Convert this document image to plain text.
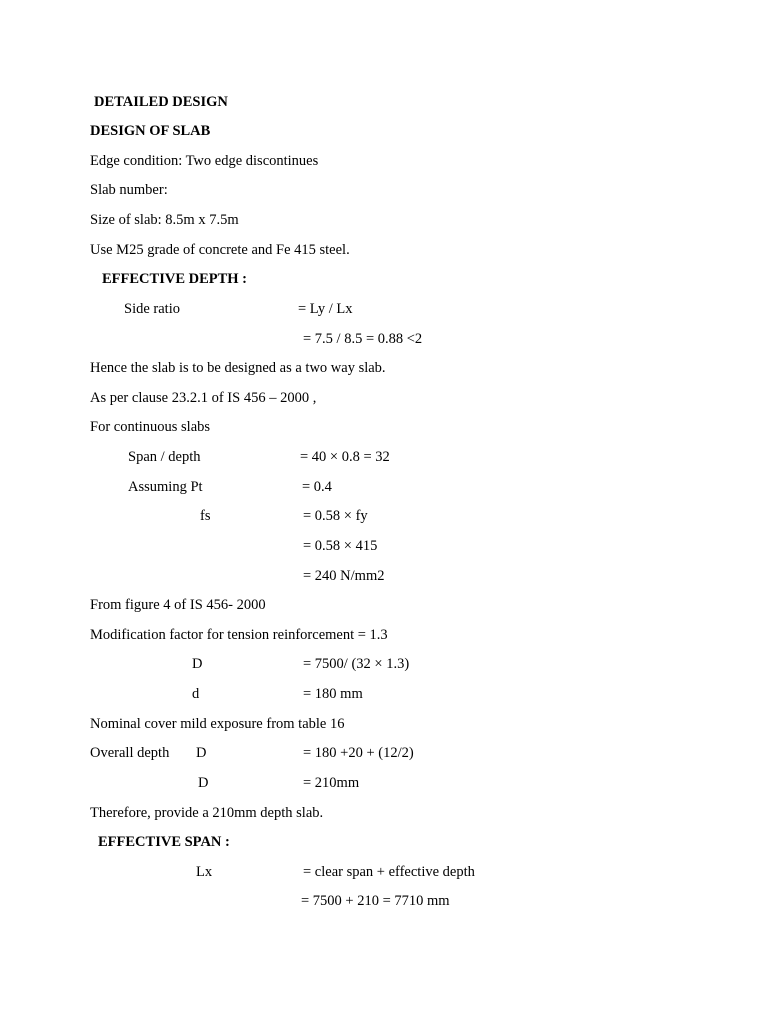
DETAILED DESIGN
DESIGN OF SLAB
Edge condition: Two edge discontinues
Slab number:
Size of slab: 8.5m x 7.5m
Use M25 grade of concrete and Fe 415 steel.
EFFECTIVE DEPTH :
Side ratio	= Ly / Lx
= 7.5 / 8.5 = 0.88 <2
Hence the slab is to be designed as a two way slab.
As per clause 23.2.1 of IS 456 – 2000 ,
For continuous slabs
Span / depth	= 40 × 0.8 = 32
Assuming Pt	= 0.4
fs	= 0.58 × fy
= 0.58 × 415
= 240 N/mm2
From figure 4 of IS 456- 2000
Modification factor for tension reinforcement = 1.3
D	= 7500/ (32 × 1.3)
d	= 180 mm
Nominal cover mild exposure from table 16
Overall depth D	= 180 +20 + (12/2)
D	= 210mm
Therefore, provide a 210mm depth slab.
EFFECTIVE SPAN :
Lx	= clear span + effective depth
= 7500 + 210 = 7710 mm
